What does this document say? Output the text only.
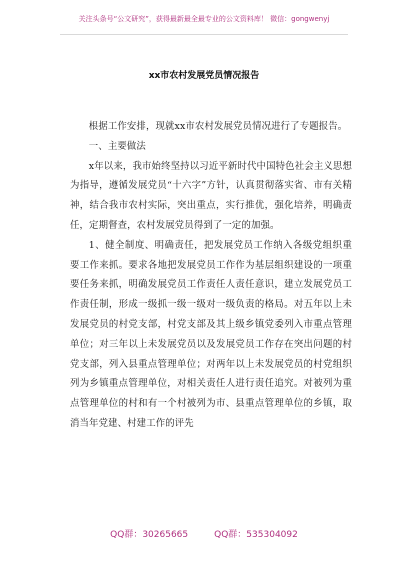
关注头条号“公文研究”，获得最新最全最专业的公文资料库！ 微信：gongwenyj
xx市农村发展党员情况报告

根据工作安排，现就xx市农村发展党员情况进行了专题报告。

一、主要做法

x年以来，我市始终坚持以习近平新时代中国特色社会主义思想为指导，遵循发展党员“十六字”方针，认真贯彻落实省、市有关精神，结合我市农村实际，突出重点，实行推优，强化培养，明确责任，定期督查，农村发展党员得到了一定的加强。

1、健全制度、明确责任，把发展党员工作纳入各级党组织重要工作来抓。要求各地把发展党员工作作为基层组织建设的一项重要任务来抓，明确发展党员工作责任人责任意识，建立发展党员工作责任制，形成一级抓一级一级对一级负责的格局。对五年以上未发展党员的村党支部，村党支部及其上级乡镇党委列入市重点管理单位；对三年以上未发展党员以及发展党员工作存在突出问题的村党支部，列入县重点管理单位；对两年以上未发展党员的村党组织列为乡镇重点管理单位，对相关责任人进行责任追究。对被列为重点管理单位的村和有一个村被列为市、县重点管理单位的乡镇，取消当年党建、村建工作的评先

QQ群：30265665	QQ群：535304092
